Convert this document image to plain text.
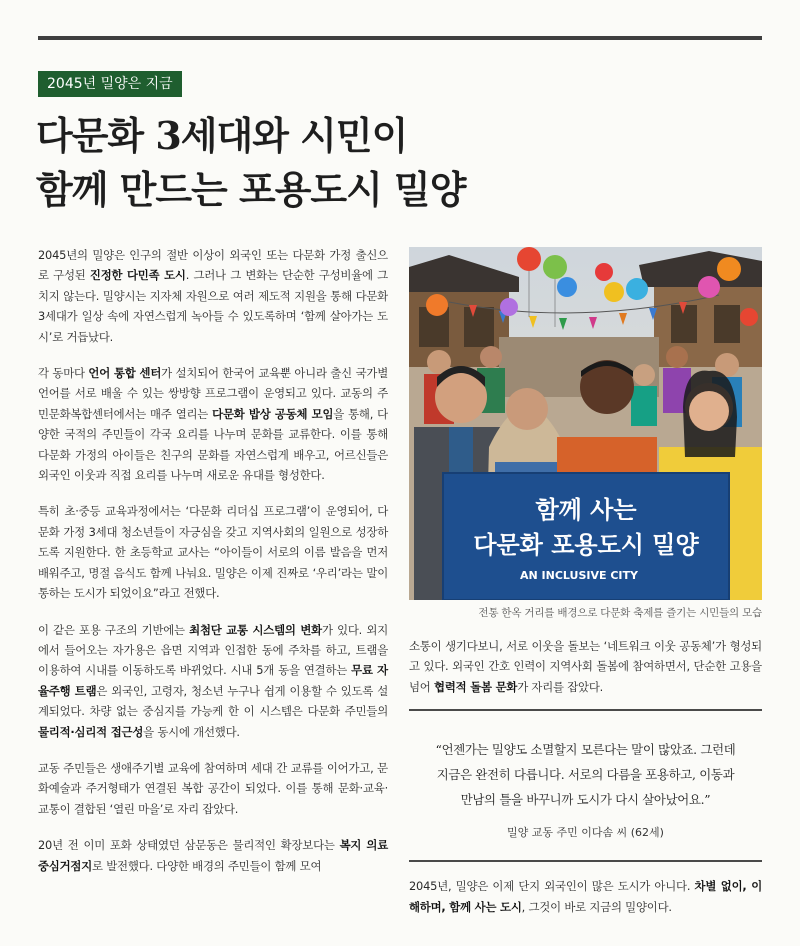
2045년 밀양은 지금
다문화 3세대와 시민이
함께 만드는 포용도시 밀양

2045년의 밀양은 인구의 절반 이상이 외국인 또는 다문화 가정 출신으로 구성된 진정한 다민족 도시. 그러나 그 변화는 단순한 구성비율에 그치지 않는다. 밀양시는 지자체 자원으로 여러 제도적 지원을 통해 다문화 3세대가 일상 속에 자연스럽게 녹아들 수 있도록하며 ‘함께 살아가는 도시’로 거듭났다.

각 동마다 언어 통합 센터가 설치되어 한국어 교육뿐 아니라 출신 국가별 언어를 서로 배울 수 있는 쌍방향 프로그램이 운영되고 있다. 교동의 주민문화복합센터에서는 매주 열리는 다문화 밥상 공동체 모임을 통해, 다양한 국적의 주민들이 각국 요리를 나누며 문화를 교류한다. 이를 통해 다문화 가정의 아이들은 친구의 문화를 자연스럽게 배우고, 어르신들은 외국인 이웃과 직접 요리를 나누며 새로운 유대를 형성한다.

특히 초·중등 교육과정에서는 ‘다문화 리더십 프로그램’이 운영되어, 다문화 가정 3세대 청소년들이 자긍심을 갖고 지역사회의 일원으로 성장하도록 지원한다. 한 초등학교 교사는 “아이들이 서로의 이름 발음을 먼저 배워주고, 명절 음식도 함께 나눠요. 밀양은 이제 진짜로 ‘우리’라는 말이 통하는 도시가 되었이요”라고 전했다.

이 같은 포용 구조의 기반에는 최첨단 교통 시스템의 변화가 있다. 외지에서 들어오는 자가용은 읍면 지역과 인접한 동에 주차를 하고, 트램을 이용하여 시내를 이동하도록 바뀌었다. 시내 5개 동을 연결하는 무료 자율주행 트램은 외국인, 고령자, 청소년 누구나 쉽게 이용할 수 있도록 설계되었다. 차량 없는 중심지를 가능케 한 이 시스템은 다문화 주민들의 물리적·심리적 접근성을 동시에 개선했다.

교동 주민들은 생애주기별 교육에 참여하며 세대 간 교류를 이어가고, 문화예술과 주거형태가 연결된 복합 공간이 되었다. 이를 통해 문화·교육·교통이 결합된 ‘열린 마을’로 자리 잡았다.

20년 전 이미 포화 상태였던 삼문동은 물리적인 확장보다는 복지 의료 중심거점지로 발전했다. 다양한 배경의 주민들이 함께 모여

함께 사는
다문화 포용도시 밀양
AN INCLUSIVE CITY
전통 한옥 거리를 배경으로 다문화 축제를 즐기는 시민들의 모습

소통이 생기다보니, 서로 이웃을 돌보는 ‘네트워크 이웃 공동체’가 형성되고 있다. 외국인 간호 인력이 지역사회 돌봄에 참여하면서, 단순한 고용을 넘어 협력적 돌봄 문화가 자리를 잡았다.

“언젠가는 밀양도 소멸할지 모른다는 말이 많았죠. 그런데

지금은 완전히 다릅니다. 서로의 다름을 포용하고, 이동과

만남의 틀을 바꾸니까 도시가 다시 살아났어요.”

밀양 교동 주민 이다솜 씨 (62세)

2045년, 밀양은 이제 단지 외국인이 많은 도시가 아니다. 차별 없이, 이해하며, 함께 사는 도시, 그것이 바로 지금의 밀양이다.
